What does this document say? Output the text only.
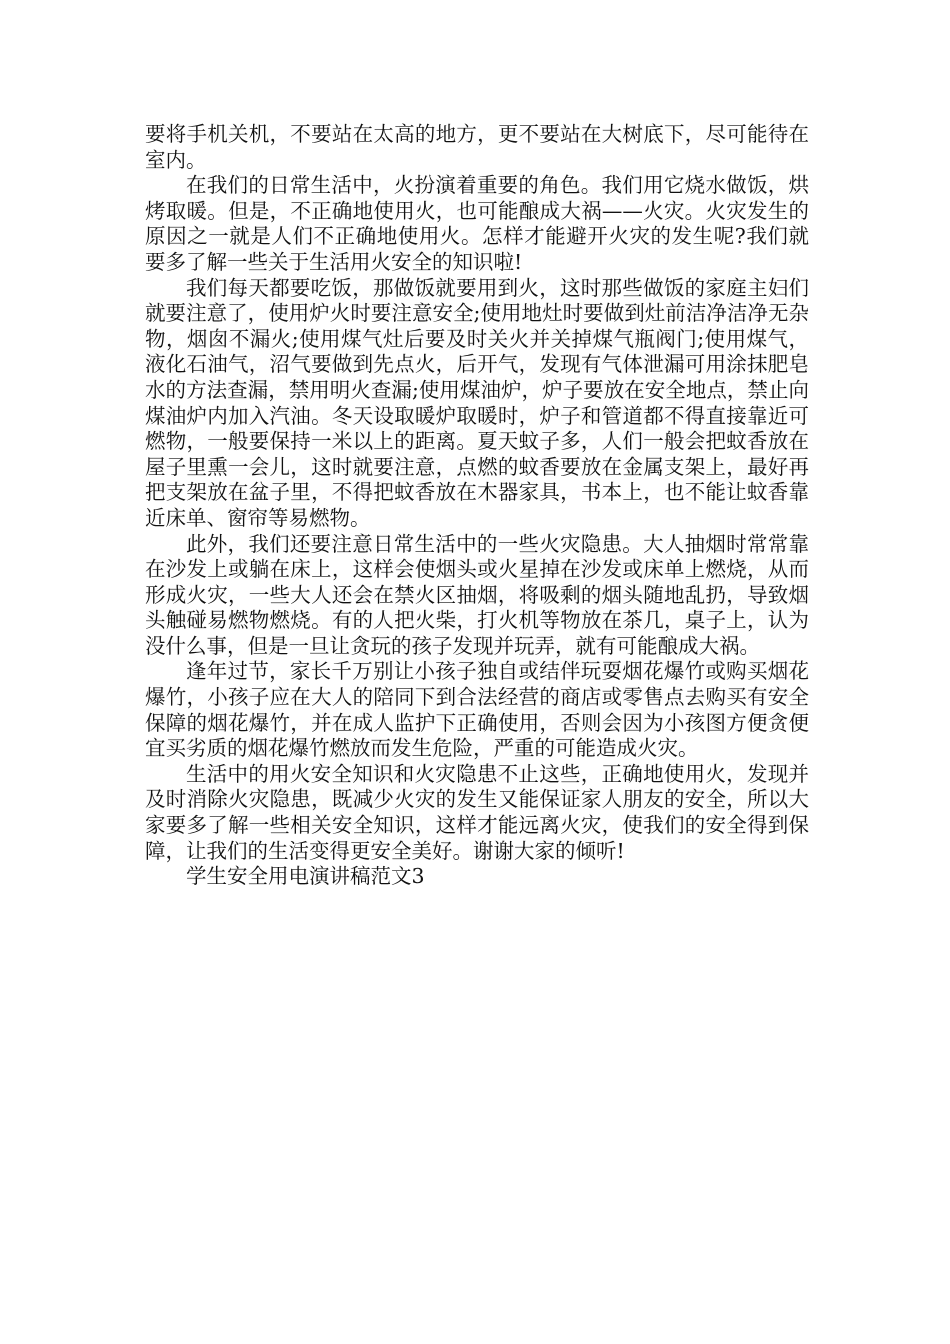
要将手机关机，不要站在太高的地方，更不要站在大树底下，尽可能待在室内。

在我们的日常生活中，火扮演着重要的角色。我们用它烧水做饭，烘烤取暖。但是，不正确地使用火，也可能酿成大祸——火灾。火灾发生的原因之一就是人们不正确地使用火。怎样才能避开火灾的发生呢?我们就要多了解一些关于生活用火安全的知识啦!

我们每天都要吃饭，那做饭就要用到火，这时那些做饭的家庭主妇们就要注意了，使用炉火时要注意安全;使用地灶时要做到灶前洁净洁净无杂物，烟囱不漏火;使用煤气灶后要及时关火并关掉煤气瓶阀门;使用煤气，液化石油气，沼气要做到先点火，后开气，发现有气体泄漏可用涂抹肥皂水的方法查漏，禁用明火查漏;使用煤油炉，炉子要放在安全地点，禁止向煤油炉内加入汽油。冬天设取暖炉取暖时，炉子和管道都不得直接靠近可燃物，一般要保持一米以上的距离。夏天蚊子多，人们一般会把蚊香放在屋子里熏一会儿，这时就要注意，点燃的蚊香要放在金属支架上，最好再把支架放在盆子里，不得把蚊香放在木器家具，书本上，也不能让蚊香靠近床单、窗帘等易燃物。

此外，我们还要注意日常生活中的一些火灾隐患。大人抽烟时常常靠在沙发上或躺在床上，这样会使烟头或火星掉在沙发或床单上燃烧，从而形成火灾，一些大人还会在禁火区抽烟，将吸剩的烟头随地乱扔，导致烟头触碰易燃物燃烧。有的人把火柴，打火机等物放在茶几，桌子上，认为没什么事，但是一旦让贪玩的孩子发现并玩弄，就有可能酿成大祸。

逢年过节，家长千万别让小孩子独自或结伴玩耍烟花爆竹或购买烟花爆竹，小孩子应在大人的陪同下到合法经营的商店或零售点去购买有安全保障的烟花爆竹，并在成人监护下正确使用，否则会因为小孩图方便贪便宜买劣质的烟花爆竹燃放而发生危险，严重的可能造成火灾。

生活中的用火安全知识和火灾隐患不止这些，正确地使用火，发现并及时消除火灾隐患，既减少火灾的发生又能保证家人朋友的安全，所以大家要多了解一些相关安全知识，这样才能远离火灾，使我们的安全得到保障，让我们的生活变得更安全美好。谢谢大家的倾听!

学生安全用电演讲稿范文3
